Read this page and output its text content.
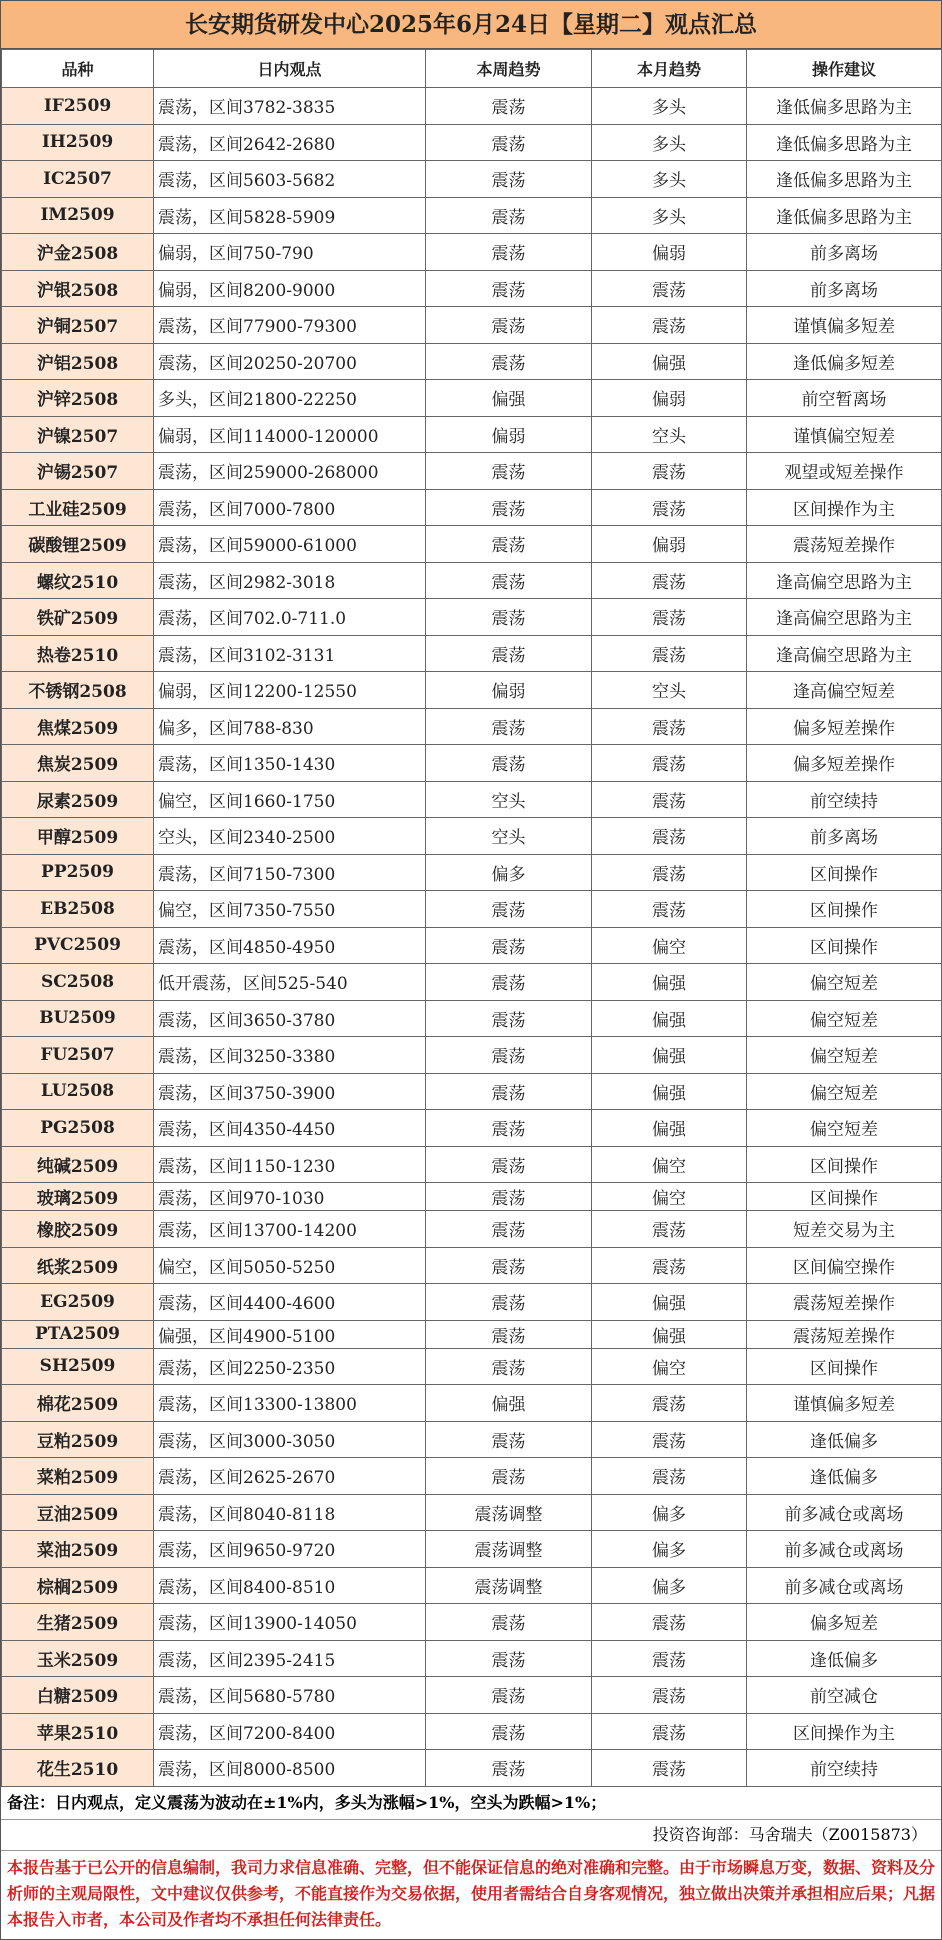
长安期货研发中心2025年6月24日【星期二】观点汇总
品种	日内观点	本周趋势	本月趋势	操作建议
IF2509	震荡，区间3782-3835	震荡	多头	逢低偏多思路为主
IH2509	震荡，区间2642-2680	震荡	多头	逢低偏多思路为主
IC2507	震荡，区间5603-5682	震荡	多头	逢低偏多思路为主
IM2509	震荡，区间5828-5909	震荡	多头	逢低偏多思路为主
沪金2508	偏弱，区间750-790	震荡	偏弱	前多离场
沪银2508	偏弱，区间8200-9000	震荡	震荡	前多离场
沪铜2507	震荡，区间77900-79300	震荡	震荡	谨慎偏多短差
沪铝2508	震荡，区间20250-20700	震荡	偏强	逢低偏多短差
沪锌2508	多头，区间21800-22250	偏强	偏弱	前空暂离场
沪镍2507	偏弱，区间114000-120000	偏弱	空头	谨慎偏空短差
沪锡2507	震荡，区间259000-268000	震荡	震荡	观望或短差操作
工业硅2509	震荡，区间7000-7800	震荡	震荡	区间操作为主
碳酸锂2509	震荡，区间59000-61000	震荡	偏弱	震荡短差操作
螺纹2510	震荡，区间2982-3018	震荡	震荡	逢高偏空思路为主
铁矿2509	震荡，区间702.0-711.0	震荡	震荡	逢高偏空思路为主
热卷2510	震荡，区间3102-3131	震荡	震荡	逢高偏空思路为主
不锈钢2508	偏弱，区间12200-12550	偏弱	空头	逢高偏空短差
焦煤2509	偏多，区间788-830	震荡	震荡	偏多短差操作
焦炭2509	震荡，区间1350-1430	震荡	震荡	偏多短差操作
尿素2509	偏空，区间1660-1750	空头	震荡	前空续持
甲醇2509	空头，区间2340-2500	空头	震荡	前多离场
PP2509	震荡，区间7150-7300	偏多	震荡	区间操作
EB2508	偏空，区间7350-7550	震荡	震荡	区间操作
PVC2509	震荡，区间4850-4950	震荡	偏空	区间操作
SC2508	低开震荡，区间525-540	震荡	偏强	偏空短差
BU2509	震荡，区间3650-3780	震荡	偏强	偏空短差
FU2507	震荡，区间3250-3380	震荡	偏强	偏空短差
LU2508	震荡，区间3750-3900	震荡	偏强	偏空短差
PG2508	震荡，区间4350-4450	震荡	偏强	偏空短差
纯碱2509	震荡，区间1150-1230	震荡	偏空	区间操作
玻璃2509	震荡，区间970-1030	震荡	偏空	区间操作
橡胶2509	震荡，区间13700-14200	震荡	震荡	短差交易为主
纸浆2509	偏空，区间5050-5250	震荡	震荡	区间偏空操作
EG2509	震荡，区间4400-4600	震荡	偏强	震荡短差操作
PTA2509	偏强，区间4900-5100	震荡	偏强	震荡短差操作
SH2509	震荡，区间2250-2350	震荡	偏空	区间操作
棉花2509	震荡，区间13300-13800	偏强	震荡	谨慎偏多短差
豆粕2509	震荡，区间3000-3050	震荡	震荡	逢低偏多
菜粕2509	震荡，区间2625-2670	震荡	震荡	逢低偏多
豆油2509	震荡，区间8040-8118	震荡调整	偏多	前多减仓或离场
菜油2509	震荡，区间9650-9720	震荡调整	偏多	前多减仓或离场
棕榈2509	震荡，区间8400-8510	震荡调整	偏多	前多减仓或离场
生猪2509	震荡，区间13900-14050	震荡	震荡	偏多短差
玉米2509	震荡，区间2395-2415	震荡	震荡	逢低偏多
白糖2509	震荡，区间5680-5780	震荡	震荡	前空减仓
苹果2510	震荡，区间7200-8400	震荡	震荡	区间操作为主
花生2510	震荡，区间8000-8500	震荡	震荡	前空续持
备注：日内观点，定义震荡为波动在±1%内，多头为涨幅>1%，空头为跌幅>1%；
投资咨询部：马舍瑞夫（Z0015873）
本报告基于已公开的信息编制，我司力求信息准确、完整，但不能保证信息的绝对准确和完整。由于市场瞬息万变，数据、资料及分析师的主观局限性，文中建议仅供参考，不能直接作为交易依据，使用者需结合自身客观情况，独立做出决策并承担相应后果；凡据本报告入市者，本公司及作者均不承担任何法律责任。
